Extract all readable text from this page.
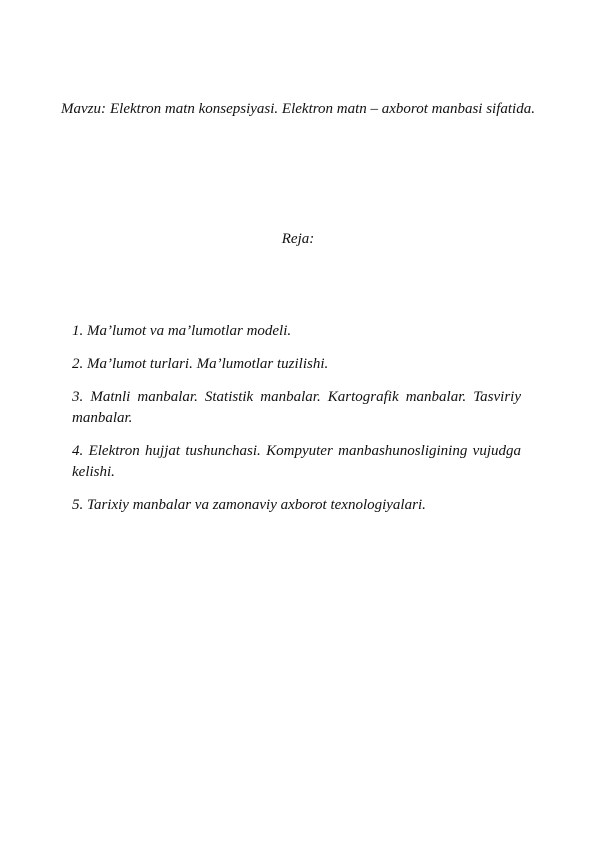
Mavzu: Elektron matn konsepsiyasi. Elektron matn – axborot manbasi sifatida.
Reja:
1. Ma’lumot va ma’lumotlar modeli.
2. Ma’lumot turlari. Ma’lumotlar tuzilishi.
3. Matnli manbalar. Statistik manbalar. Kartografik manbalar. Tasviriy manbalar.
4. Elektron hujjat tushunchasi. Kompyuter manbashunosligining vujudga kelishi.
5. Tarixiy manbalar va zamonaviy axborot texnologiyalari.
